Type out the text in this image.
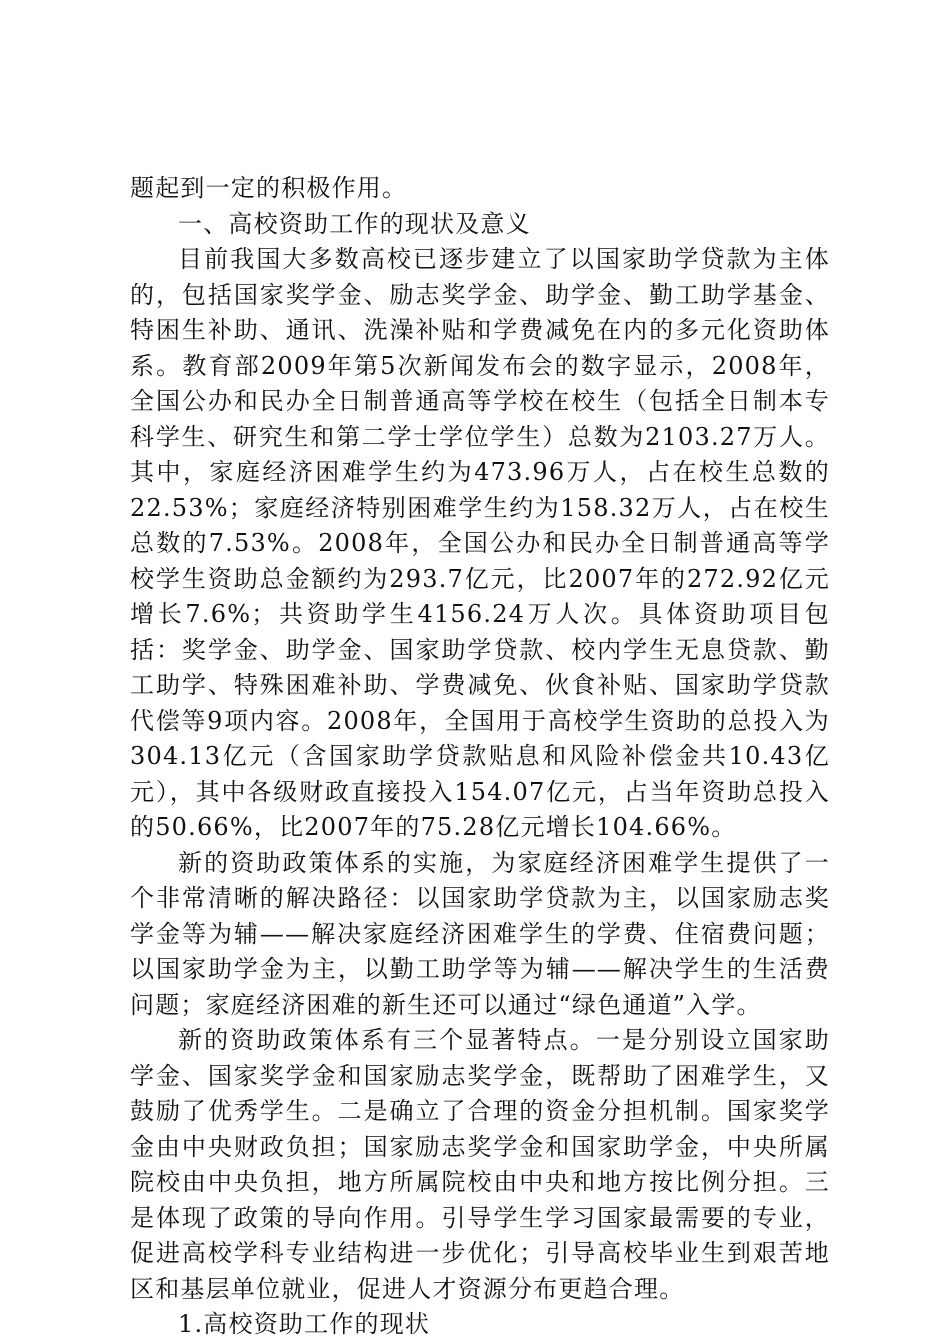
题起到一定的积极作用。

一、高校资助工作的现状及意义

目前我国大多数高校已逐步建立了以国家助学贷款为主体的，包括国家奖学金、励志奖学金、助学金、勤工助学基金、特困生补助、通讯、洗澡补贴和学费减免在内的多元化资助体系。教育部2009年第5次新闻发布会的数字显示，2008年，全国公办和民办全日制普通高等学校在校生（包括全日制本专科学生、研究生和第二学士学位学生）总数为2103.27万人。其中，家庭经济困难学生约为473.96万人，占在校生总数的22.53%；家庭经济特别困难学生约为158.32万人，占在校生总数的7.53%。2008年，全国公办和民办全日制普通高等学校学生资助总金额约为293.7亿元，比2007年的272.92亿元增长7.6%；共资助学生4156.24万人次。具体资助项目包括：奖学金、助学金、国家助学贷款、校内学生无息贷款、勤工助学、特殊困难补助、学费减免、伙食补贴、国家助学贷款代偿等9项内容。2008年，全国用于高校学生资助的总投入为304.13亿元（含国家助学贷款贴息和风险补偿金共10.43亿元），其中各级财政直接投入154.07亿元，占当年资助总投入的50.66%，比2007年的75.28亿元增长104.66%。

新的资助政策体系的实施，为家庭经济困难学生提供了一个非常清晰的解决路径：以国家助学贷款为主，以国家励志奖学金等为辅——解决家庭经济困难学生的学费、住宿费问题；以国家助学金为主，以勤工助学等为辅——解决学生的生活费问题；家庭经济困难的新生还可以通过“绿色通道”入学。

新的资助政策体系有三个显著特点。一是分别设立国家助学金、国家奖学金和国家励志奖学金，既帮助了困难学生，又鼓励了优秀学生。二是确立了合理的资金分担机制。国家奖学金由中央财政负担；国家励志奖学金和国家助学金，中央所属院校由中央负担，地方所属院校由中央和地方按比例分担。三是体现了政策的导向作用。引导学生学习国家最需要的专业，促进高校学科专业结构进一步优化；引导高校毕业生到艰苦地区和基层单位就业，促进人才资源分布更趋合理。

1.高校资助工作的现状
